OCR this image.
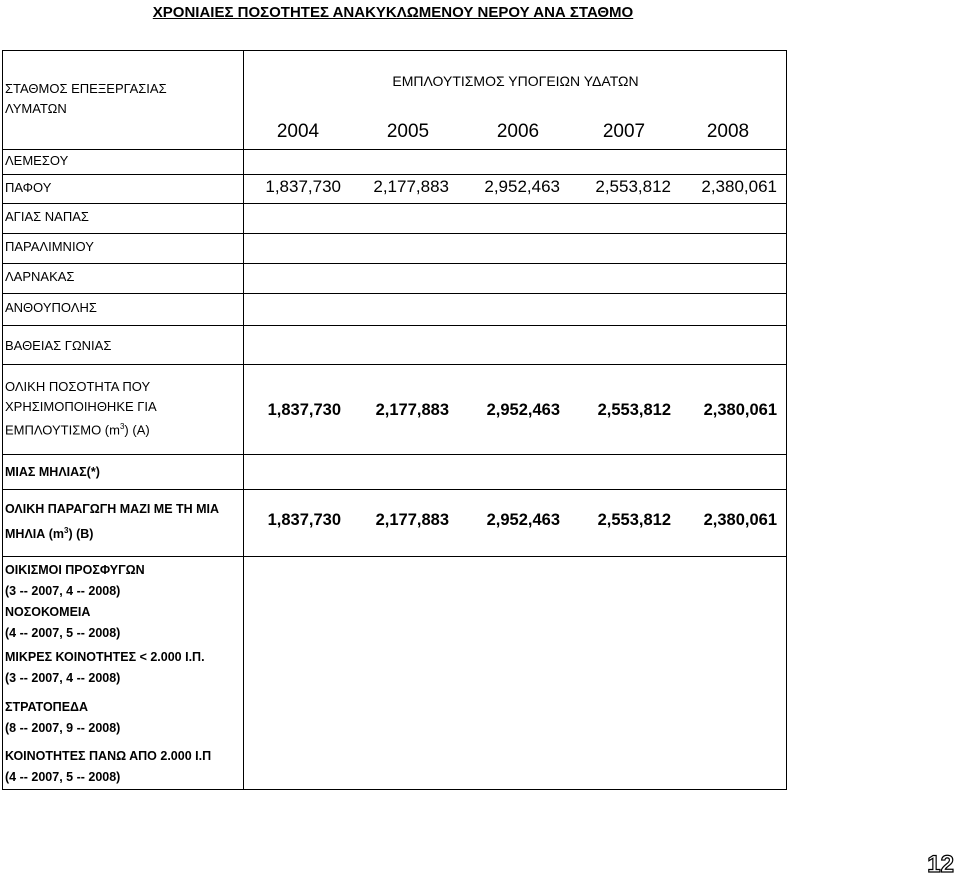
ΧΡΟΝΙΑΙΕΣ ΠΟΣΟΤΗΤΕΣ ΑΝΑΚΥΚΛΩΜΕΝΟΥ ΝΕΡΟΥ ΑΝΑ ΣΤΑΘΜΟ
ΣΤΑΘΜΟΣ ΕΠΕΞΕΡΓΑΣΙΑΣ
ΛΥΜΑΤΩΝ
ΕΜΠΛΟΥΤΙΣΜΟΣ ΥΠΟΓΕΙΩΝ ΥΔΑΤΩΝ
2004	2005	2006	2007	2008
ΛΕΜΕΣΟΥ
ΠΑΦΟΥ	1,837,730	2,177,883	2,952,463	2,553,812	2,380,061
ΑΓΙΑΣ ΝΑΠΑΣ
ΠΑΡΑΛΙΜΝΙΟΥ
ΛΑΡΝΑΚΑΣ
ΑΝΘΟΥΠΟΛΗΣ
ΒΑΘΕΙΑΣ ΓΩΝΙΑΣ
ΟΛΙΚΗ ΠΟΣΟΤΗΤΑ ΠΟΥ
ΧΡΗΣΙΜΟΠΟΙΗΘΗΚΕ ΓΙΑ
ΕΜΠΛΟΥΤΙΣΜΟ $(m^3)$ (Α)
1,837,730	2,177,883	2,952,463	2,553,812	2,380,061
ΜΙΑΣ ΜΗΛΙΑΣ(*)
ΟΛΙΚΗ ΠΑΡΑΓΩΓΗ ΜΑΖΙ ΜΕ ΤΗ ΜΙΑ
ΜΗΛΙΑ $(m^3)$ (Β)
1,837,730	2,177,883	2,952,463	2,553,812	2,380,061
ΟΙΚΙΣΜΟΙ ΠΡΟΣΦΥΓΩΝ
(3 -- 2007, 4 -- 2008)
ΝΟΣΟΚΟΜΕΙΑ
(4 -- 2007, 5 -- 2008)
ΜΙΚΡΕΣ ΚΟΙΝΟΤΗΤΕΣ < 2.000 Ι.Π.
(3 -- 2007, 4 -- 2008)
ΣΤΡΑΤΟΠΕΔΑ
(8 -- 2007, 9 -- 2008)
ΚΟΙΝΟΤΗΤΕΣ ΠΑΝΩ ΑΠΟ 2.000 Ι.Π
(4 -- 2007, 5 -- 2008)
12
